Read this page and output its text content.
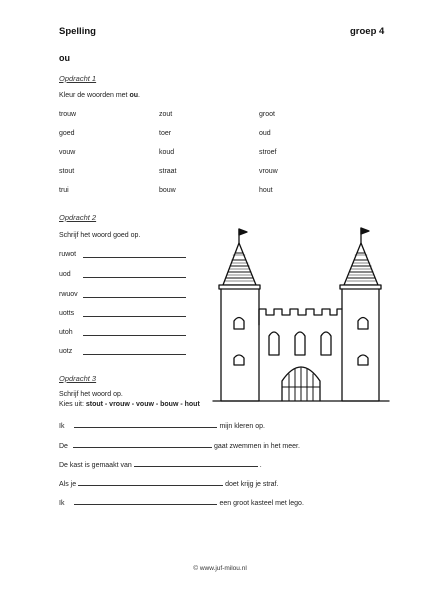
Spelling	groep 4
ou
Opdracht 1
Kleur de woorden met ou.
trouw	zout	groot
goed	toer	oud
vouw	koud	stroef
stout	straat	vrouw
trui	bouw	hout
Opdracht 2
Schrijf het woord goed op.
ruwot
uod
rwuov
uotts
utoh
uotz
Opdracht 3
Schrijf het woord op.
Kies uit: stout - vrouw - vouw - bouw - hout
Ik	mijn kleren op.
De	gaat zwemmen in het meer.
De kast is gemaakt van	.
Als je	doet krijg je straf.
Ik	een groot kasteel met lego.
© www.juf-milou.nl
